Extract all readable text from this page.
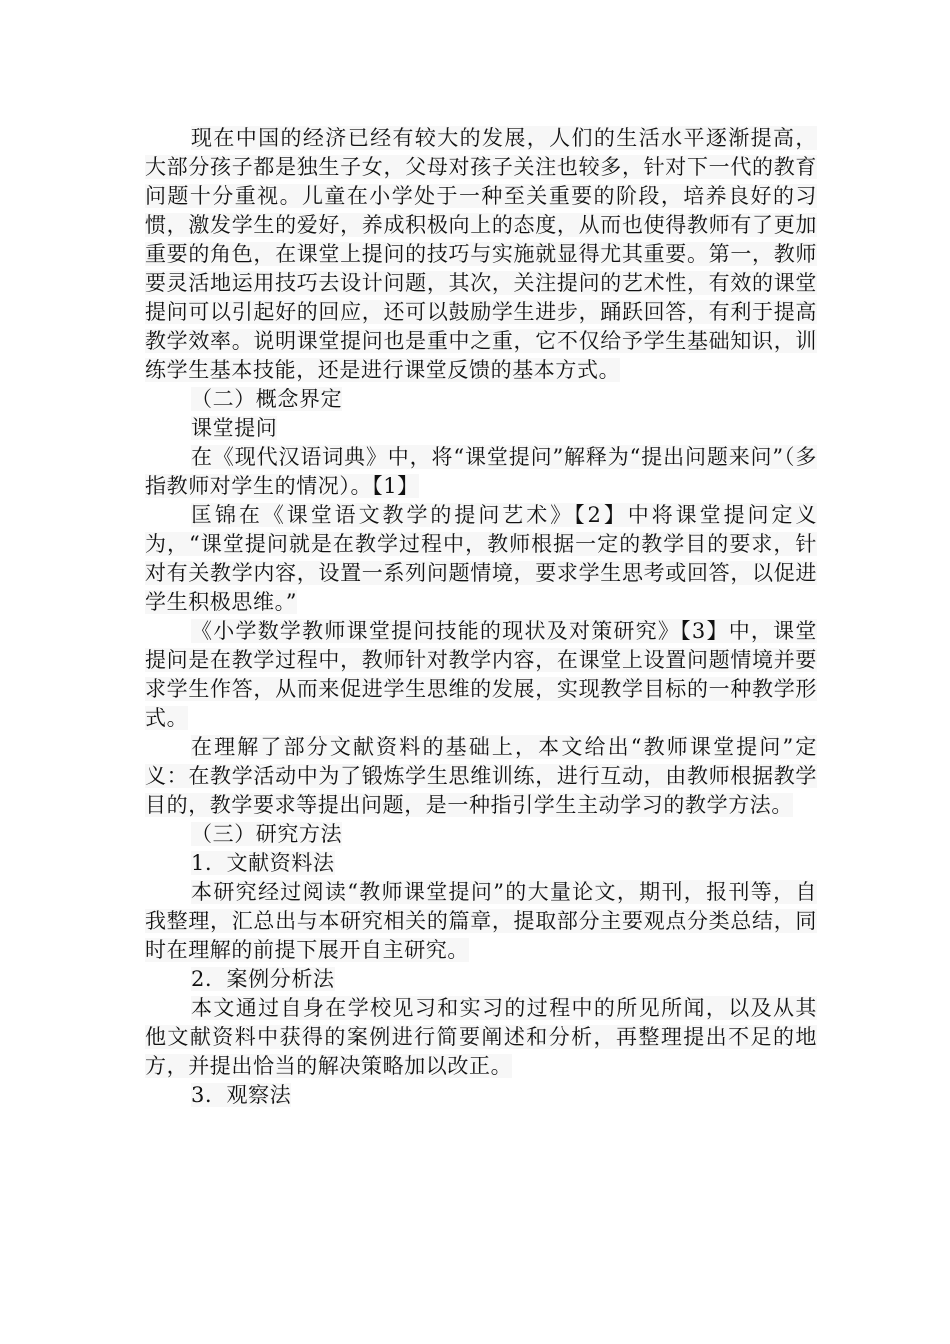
现在中国的经济已经有较大的发展，人们的生活水平逐渐提高，大部分孩子都是独生子女，父母对孩子关注也较多，针对下一代的教育问题十分重视。儿童在小学处于一种至关重要的阶段，培养良好的习惯，激发学生的爱好，养成积极向上的态度，从而也使得教师有了更加重要的角色，在课堂上提问的技巧与实施就显得尤其重要。第一，教师要灵活地运用技巧去设计问题，其次，关注提问的艺术性，有效的课堂提问可以引起好的回应，还可以鼓励学生进步，踊跃回答，有利于提高教学效率。说明课堂提问也是重中之重，它不仅给予学生基础知识，训练学生基本技能，还是进行课堂反馈的基本方式。

（二）概念界定

课堂提问

在《现代汉语词典》中，将“课堂提问”解释为“提出问题来问”（多指教师对学生的情况）。【1】

匡锦在《课堂语文教学的提问艺术》【2】中将课堂提问定义为，“课堂提问就是在教学过程中，教师根据一定的教学目的要求，针对有关教学内容，设置一系列问题情境，要求学生思考或回答，以促进学生积极思维。”

《小学数学教师课堂提问技能的现状及对策研究》【3】中，课堂提问是在教学过程中，教师针对教学内容，在课堂上设置问题情境并要求学生作答，从而来促进学生思维的发展，实现教学目标的一种教学形式。

在理解了部分文献资料的基础上，本文给出“教师课堂提问”定义：在教学活动中为了锻炼学生思维训练，进行互动，由教师根据教学目的，教学要求等提出问题，是一种指引学生主动学习的教学方法。

（三）研究方法

1．文献资料法

本研究经过阅读“教师课堂提问”的大量论文，期刊，报刊等，自我整理，汇总出与本研究相关的篇章，提取部分主要观点分类总结，同时在理解的前提下展开自主研究。

2．案例分析法

本文通过自身在学校见习和实习的过程中的所见所闻，以及从其他文献资料中获得的案例进行简要阐述和分析，再整理提出不足的地方，并提出恰当的解决策略加以改正。

3．观察法
